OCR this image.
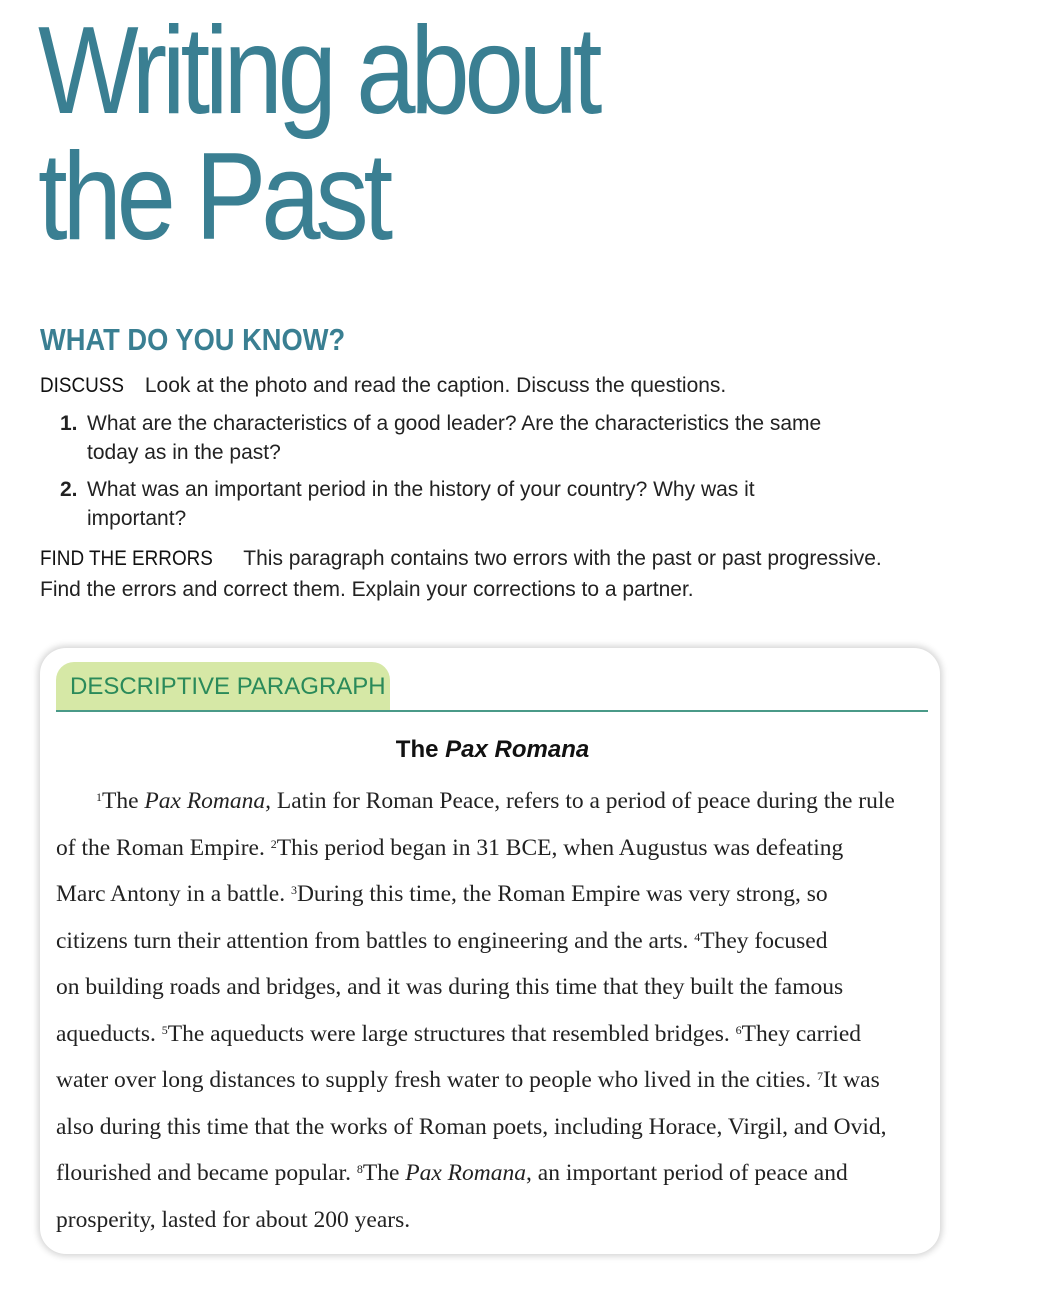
Writing about
the Past
WHAT DO YOU KNOW?
DISCUSS Look at the photo and read the caption. Discuss the questions.
1. What are the characteristics of a good leader? Are the characteristics the same
today as in the past?
2. What was an important period in the history of your country? Why was it
important?
FIND THE ERRORS This paragraph contains two errors with the past or past progressive.
Find the errors and correct them. Explain your corrections to a partner.
DESCRIPTIVE PARAGRAPH
The Pax Romana
$^1$The Pax Romana, Latin for Roman Peace, refers to a period of peace during the rule
of the Roman Empire. $^2$This period began in 31 BCE, when Augustus was defeating
Marc Antony in a battle. $^3$During this time, the Roman Empire was very strong, so
citizens turn their attention from battles to engineering and the arts. $^4$They focused
on building roads and bridges, and it was during this time that they built the famous
aqueducts. $^5$The aqueducts were large structures that resembled bridges. $^6$They carried
water over long distances to supply fresh water to people who lived in the cities. $^7$It was
also during this time that the works of Roman poets, including Horace, Virgil, and Ovid,
flourished and became popular. $^8$The Pax Romana, an important period of peace and
prosperity, lasted for about 200 years.
